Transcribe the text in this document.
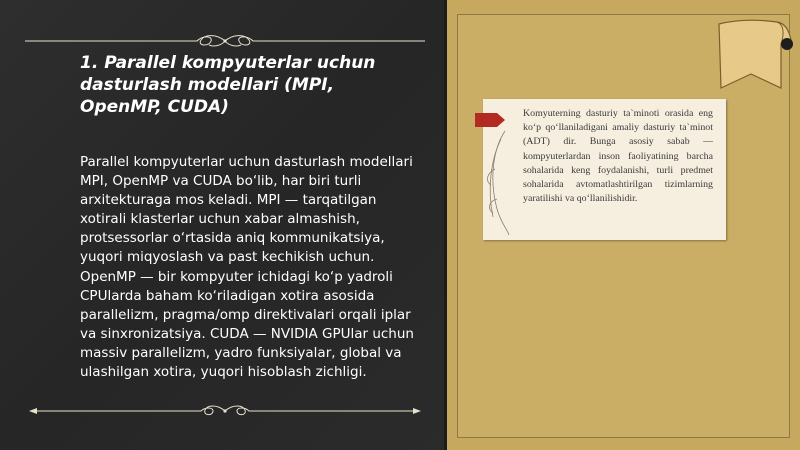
1. Parallel kompyuterlar uchun dasturlash modellari (MPI, OpenMP, CUDA)

Parallel kompyuterlar uchun dasturlash modellari MPI, OpenMP va CUDA bo‘lib, har biri turli arxitekturaga mos keladi. MPI — tarqatilgan xotirali klasterlar uchun xabar almashish, protsessorlar o‘rtasida aniq kommunikatsiya, yuqori miqyoslash va past kechikish uchun. OpenMP — bir kompyuter ichidagi ko‘p yadroli CPUlarda baham ko‘riladigan xotira asosida parallelizm, pragma/omp direktivalari orqali iplar va sinxronizatsiya. CUDA — NVIDIA GPUlar uchun massiv parallelizm, yadro funksiyalar, global va ulashilgan xotira, yuqori hisoblash zichligi.

Komyuterning dasturiy ta`minoti orasida eng ko‘p qo‘llaniladigani amaliy dasturiy ta`minot (ADT) dir. Bunga asosiy sabab — kompyuterlardan inson faoliyatining barcha sohalarida keng foydalanishi, turli predmet sohalarida avtomatlashtirilgan tizimlarning yaratilishi va qo‘llanilishidir.
